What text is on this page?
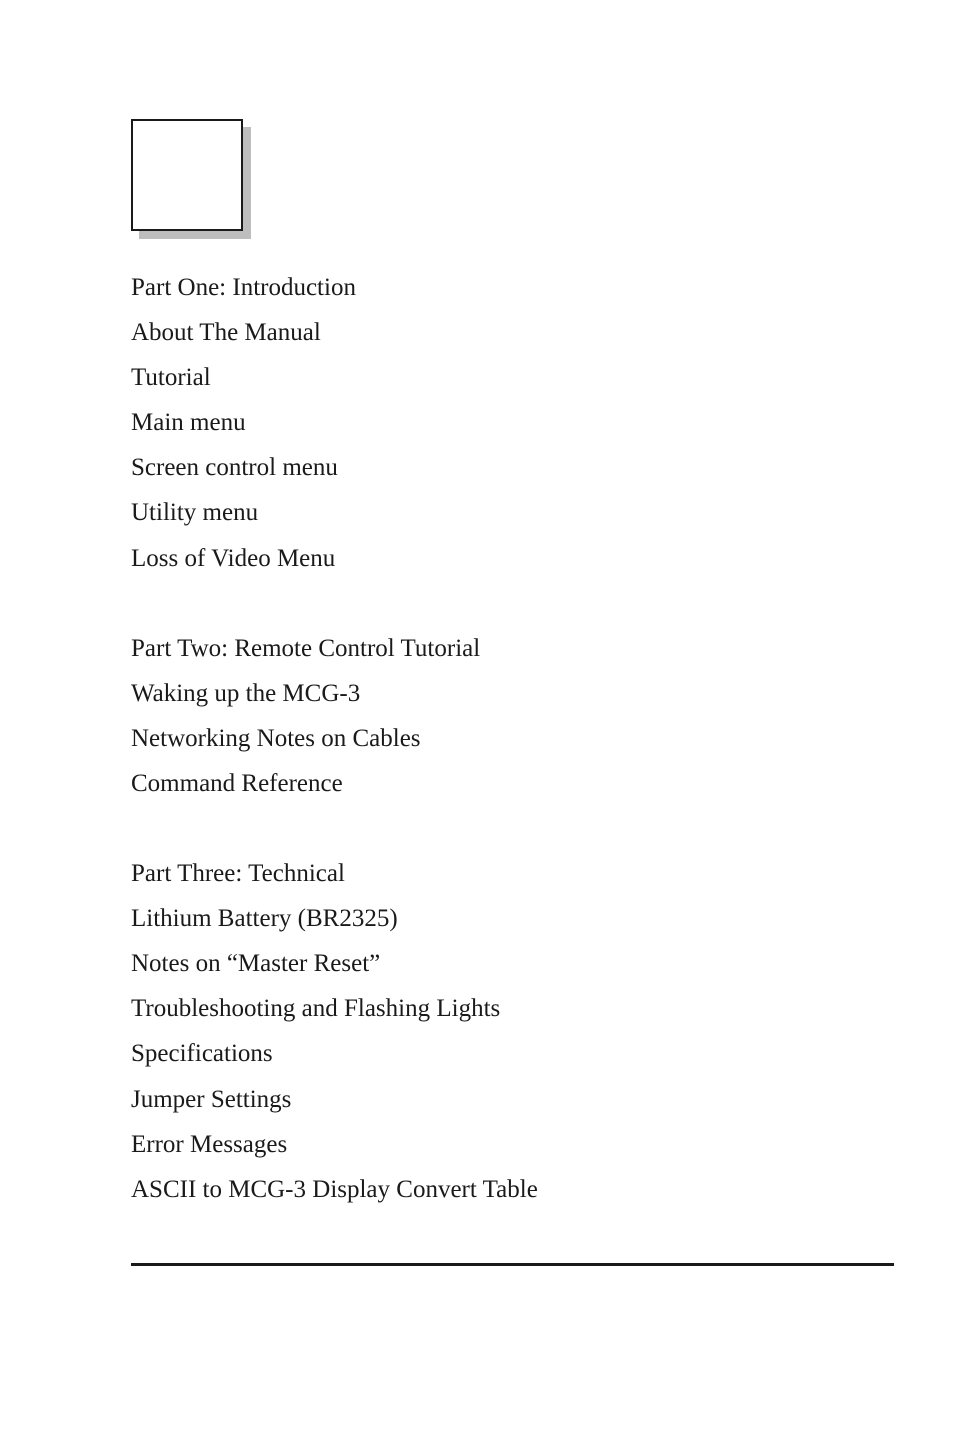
Part One: Introduction
About The Manual
Tutorial
Main menu
Screen control menu
Utility menu
Loss of Video Menu
Part Two: Remote Control Tutorial
Waking up the MCG-3
Networking Notes on Cables
Command Reference
Part Three: Technical
Lithium Battery (BR2325)
Notes on “Master Reset”
Troubleshooting and Flashing Lights
Specifications
Jumper Settings
Error Messages
ASCII to MCG-3 Display Convert Table
